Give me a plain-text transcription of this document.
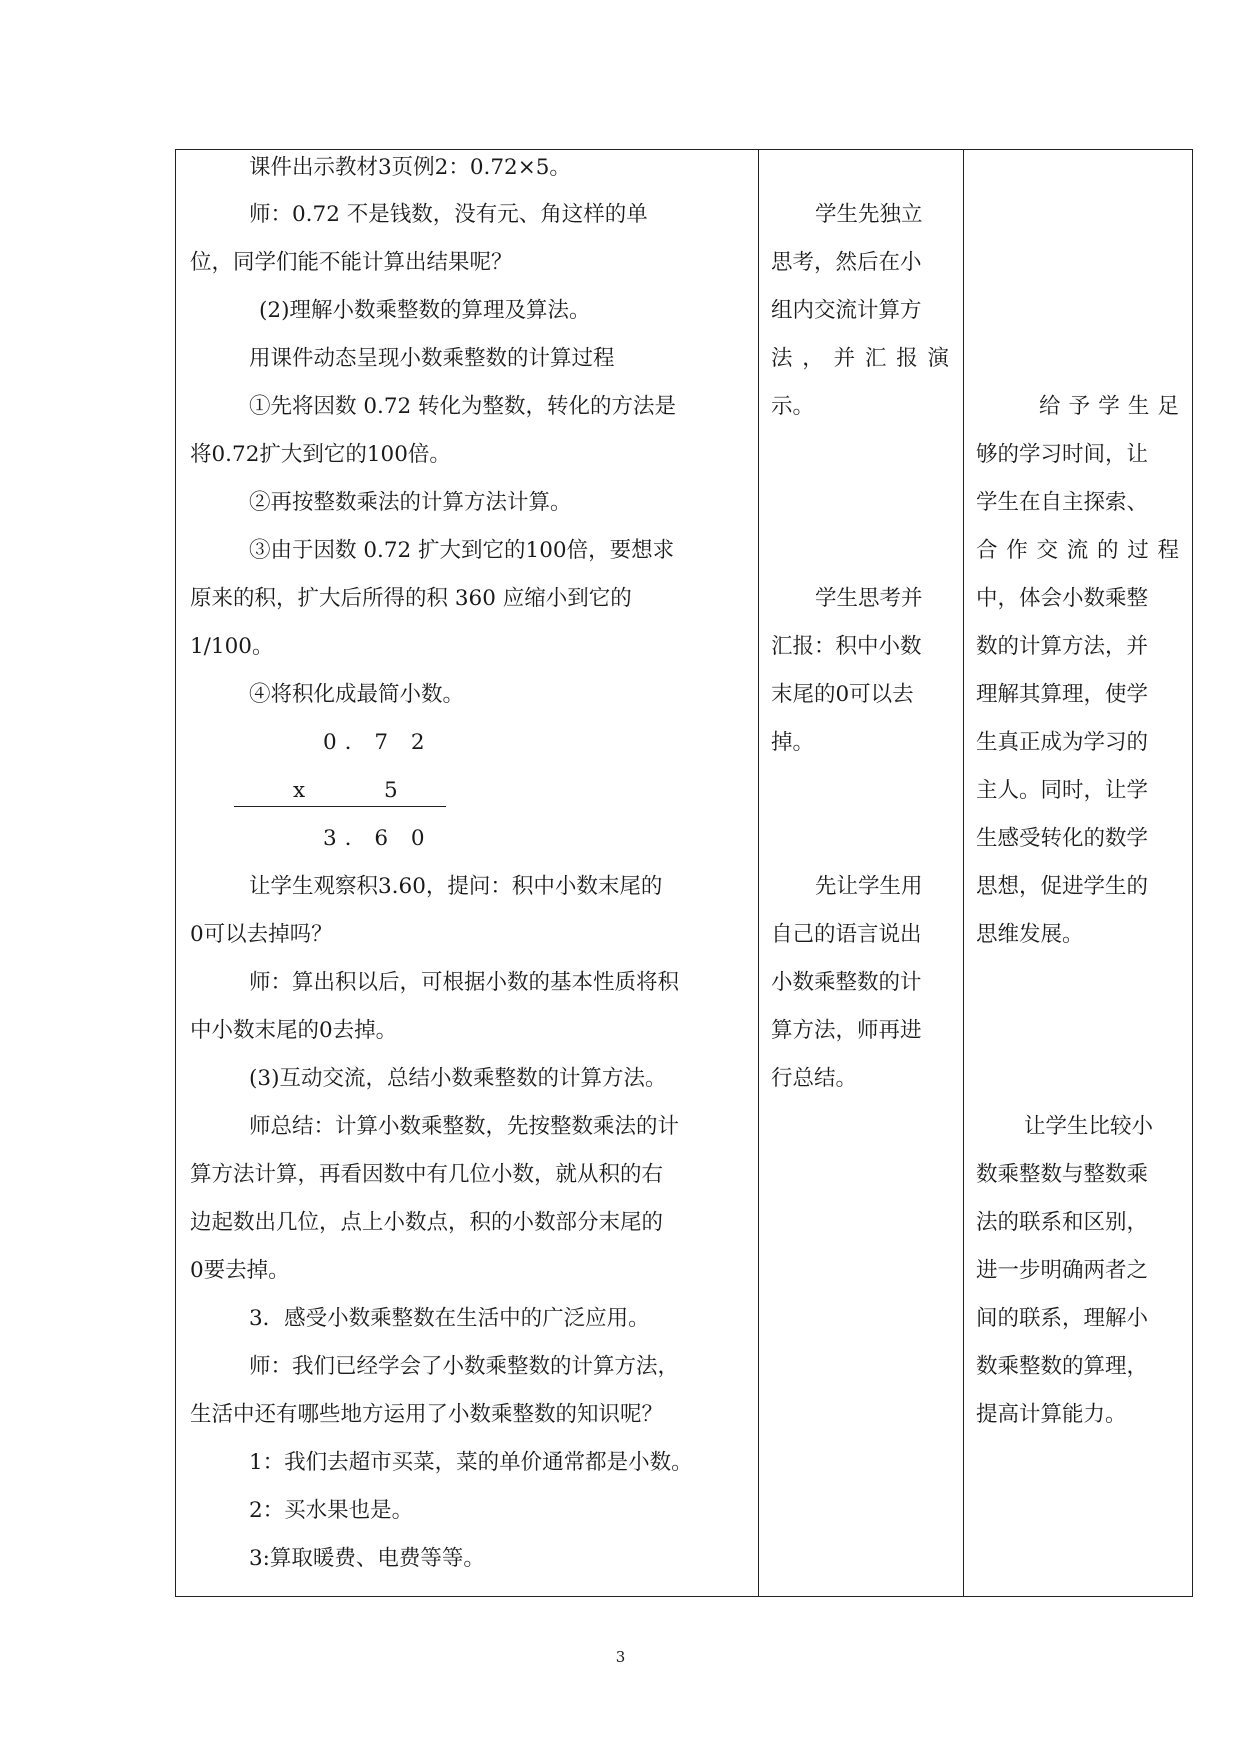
课件出示教材3页例2：0.72×5。
师：0.72 不是钱数，没有元、角这样的单
位，同学们能不能计算出结果呢？
(2)理解小数乘整数的算理及算法。
用课件动态呈现小数乘整数的计算过程
①先将因数 0.72 转化为整数，转化的方法是
将0.72扩大到它的100倍。
②再按整数乘法的计算方法计算。
③由于因数 0.72 扩大到它的100倍，要想求
原来的积，扩大后所得的积 360 应缩小到它的
1/100。
④将积化成最简小数。
0. 7 2
x	5
3. 6 0
让学生观察积3.60，提问：积中小数末尾的
0可以去掉吗？
师：算出积以后，可根据小数的基本性质将积
中小数末尾的0去掉。
(3)互动交流，总结小数乘整数的计算方法。
师总结：计算小数乘整数，先按整数乘法的计
算方法计算，再看因数中有几位小数，就从积的右
边起数出几位，点上小数点，积的小数部分末尾的
0要去掉。
3．感受小数乘整数在生活中的广泛应用。
师：我们已经学会了小数乘整数的计算方法，
生活中还有哪些地方运用了小数乘整数的知识呢？
1：我们去超市买菜，菜的单价通常都是小数。
2：买水果也是。
3:算取暖费、电费等等。
学生先独立
思考，然后在小
组内交流计算方
法，并汇报演
示。
学生思考并
汇报：积中小数
末尾的0可以去
掉。
先让学生用
自己的语言说出
小数乘整数的计
算方法，师再进
行总结。
给予学生足
够的学习时间，让
学生在自主探索、
合作交流的过程
中，体会小数乘整
数的计算方法，并
理解其算理，使学
生真正成为学习的
主人。同时，让学
生感受转化的数学
思想，促进学生的
思维发展。
让学生比较小
数乘整数与整数乘
法的联系和区别，
进一步明确两者之
间的联系，理解小
数乘整数的算理，
提高计算能力。
3
